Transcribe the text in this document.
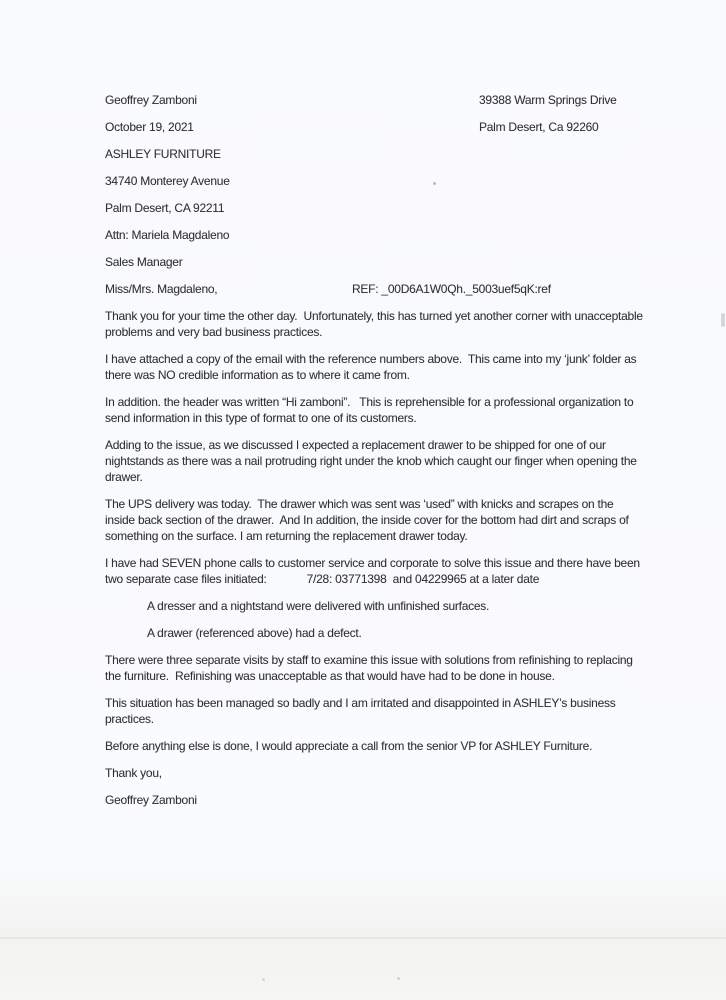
39388 Warm Springs Drive

Palm Desert, Ca 92260

Geoffrey Zamboni

October 19, 2021

ASHLEY FURNITURE

34740 Monterey Avenue

Palm Desert, CA 92211

Attn: Mariela Magdaleno

Sales Manager

Miss/Mrs. Magdaleno,	REF: _00D6A1W0Qh._5003uef5qK:ref

Thank you for your time the other day.  Unfortunately, this has turned yet another corner with unacceptable problems and very bad business practices.

I have attached a copy of the email with the reference numbers above.  This came into my ‘junk’ folder as there was NO credible information as to where it came from.

In addition. the header was written “Hi zamboni”.   This is reprehensible for a professional organization to send information in this type of format to one of its customers.

Adding to the issue, as we discussed I expected a replacement drawer to be shipped for one of our nightstands as there was a nail protruding right under the knob which caught our finger when opening the drawer.

The UPS delivery was today.  The drawer which was sent was ‘used” with knicks and scrapes on the inside back section of the drawer.  And In addition, the inside cover for the bottom had dirt and scraps of something on the surface. I am returning the replacement drawer today.

I have had SEVEN phone calls to customer service and corporate to solve this issue and there have been two separate case files initiated:	7/28: 03771398  and 04229965 at a later date

A dresser and a nightstand were delivered with unfinished surfaces.

A drawer (referenced above) had a defect.

There were three separate visits by staff to examine this issue with solutions from refinishing to replacing the furniture.  Refinishing was unacceptable as that would have had to be done in house.

This situation has been managed so badly and I am irritated and disappointed in ASHLEY’s business practices.

Before anything else is done, I would appreciate a call from the senior VP for ASHLEY Furniture.

Thank you,

Geoffrey Zamboni
